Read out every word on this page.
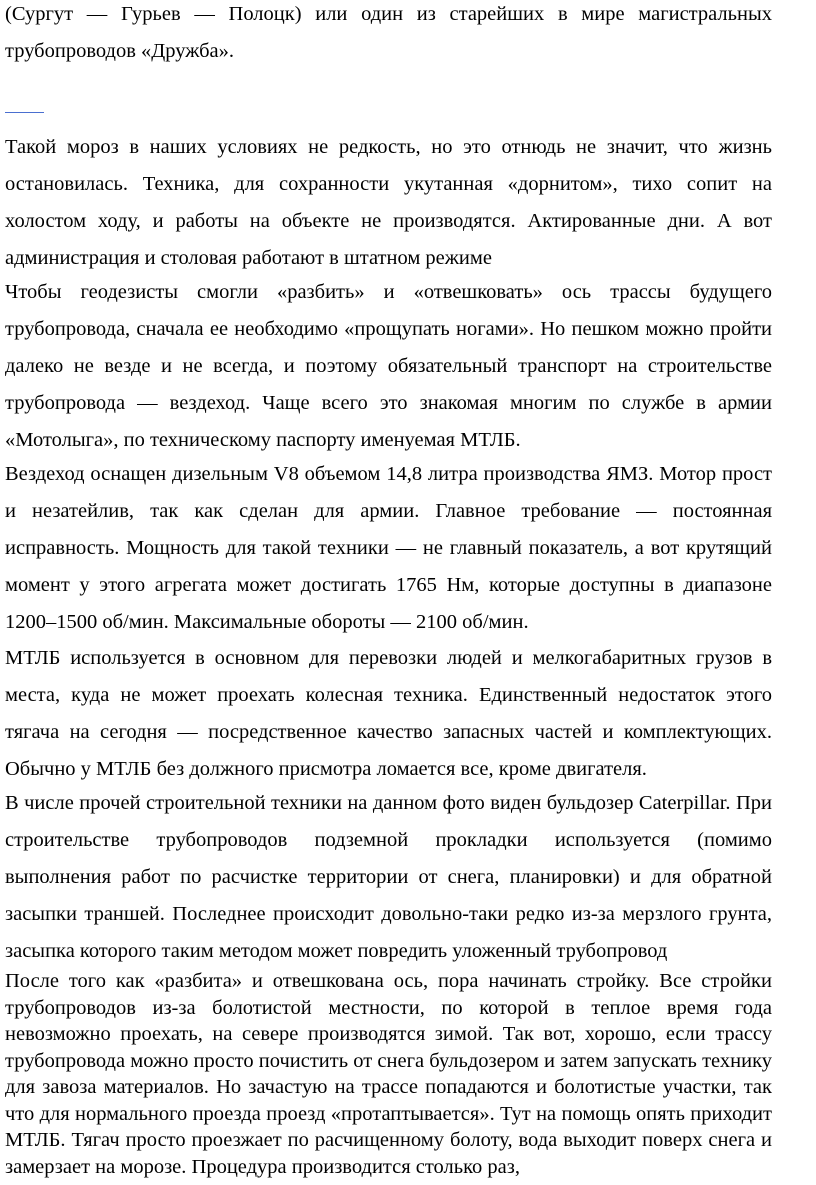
(Сургут — Гурьев — Полоцк) или один из старейших в мире магистральных трубопроводов «Дружба».

Такой мороз в наших условиях не редкость, но это отнюдь не значит, что жизнь остановилась. Техника, для сохранности укутанная «дорнитом», тихо сопит на холостом ходу, и работы на объекте не производятся. Актированные дни. А вот администрация и столовая работают в штатном режиме

Чтобы геодезисты смогли «разбить» и «отвешковать» ось трассы будущего трубопровода, сначала ее необходимо «прощупать ногами». Но пешком можно пройти далеко не везде и не всегда, и поэтому обязательный транспорт на строительстве трубопровода — вездеход. Чаще всего это знакомая многим по службе в армии «Мотолыга», по техническому паспорту именуемая МТЛБ.

Вездеход оснащен дизельным V8 объемом 14,8 литра производства ЯМЗ. Мотор прост и незатейлив, так как сделан для армии. Главное требование — постоянная исправность. Мощность для такой техники — не главный показатель, а вот крутящий момент у этого агрегата может достигать 1765 Нм, которые доступны в диапазоне 1200–1500 об/мин. Максимальные обороты — 2100 об/мин.

МТЛБ используется в основном для перевозки людей и мелкогабаритных грузов в места, куда не может проехать колесная техника. Единственный недостаток этого тягача на сегодня — посредственное качество запасных частей и комплектующих. Обычно у МТЛБ без должного присмотра ломается все, кроме двигателя.

В числе прочей строительной техники на данном фото виден бульдозер Caterpillar. При строительстве трубопроводов подземной прокладки используется (помимо выполнения работ по расчистке территории от снега, планировки) и для обратной засыпки траншей. Последнее происходит довольно-таки редко из-за мерзлого грунта, засыпка которого таким методом может повредить уложенный трубопровод

После того как «разбита» и отвешкована ось, пора начинать стройку. Все стройки трубопроводов из-за болотистой местности, по которой в теплое время года невозможно проехать, на севере производятся зимой. Так вот, хорошо, если трассу трубопровода можно просто почистить от снега бульдозером и затем запускать технику для завоза материалов. Но зачастую на трассе попадаются и болотистые участки, так что для нормального проезда проезд «протаптывается». Тут на помощь опять приходит МТЛБ. Тягач просто проезжает по расчищенному болоту, вода выходит поверх снега и замерзает на морозе. Процедура производится столько раз,
